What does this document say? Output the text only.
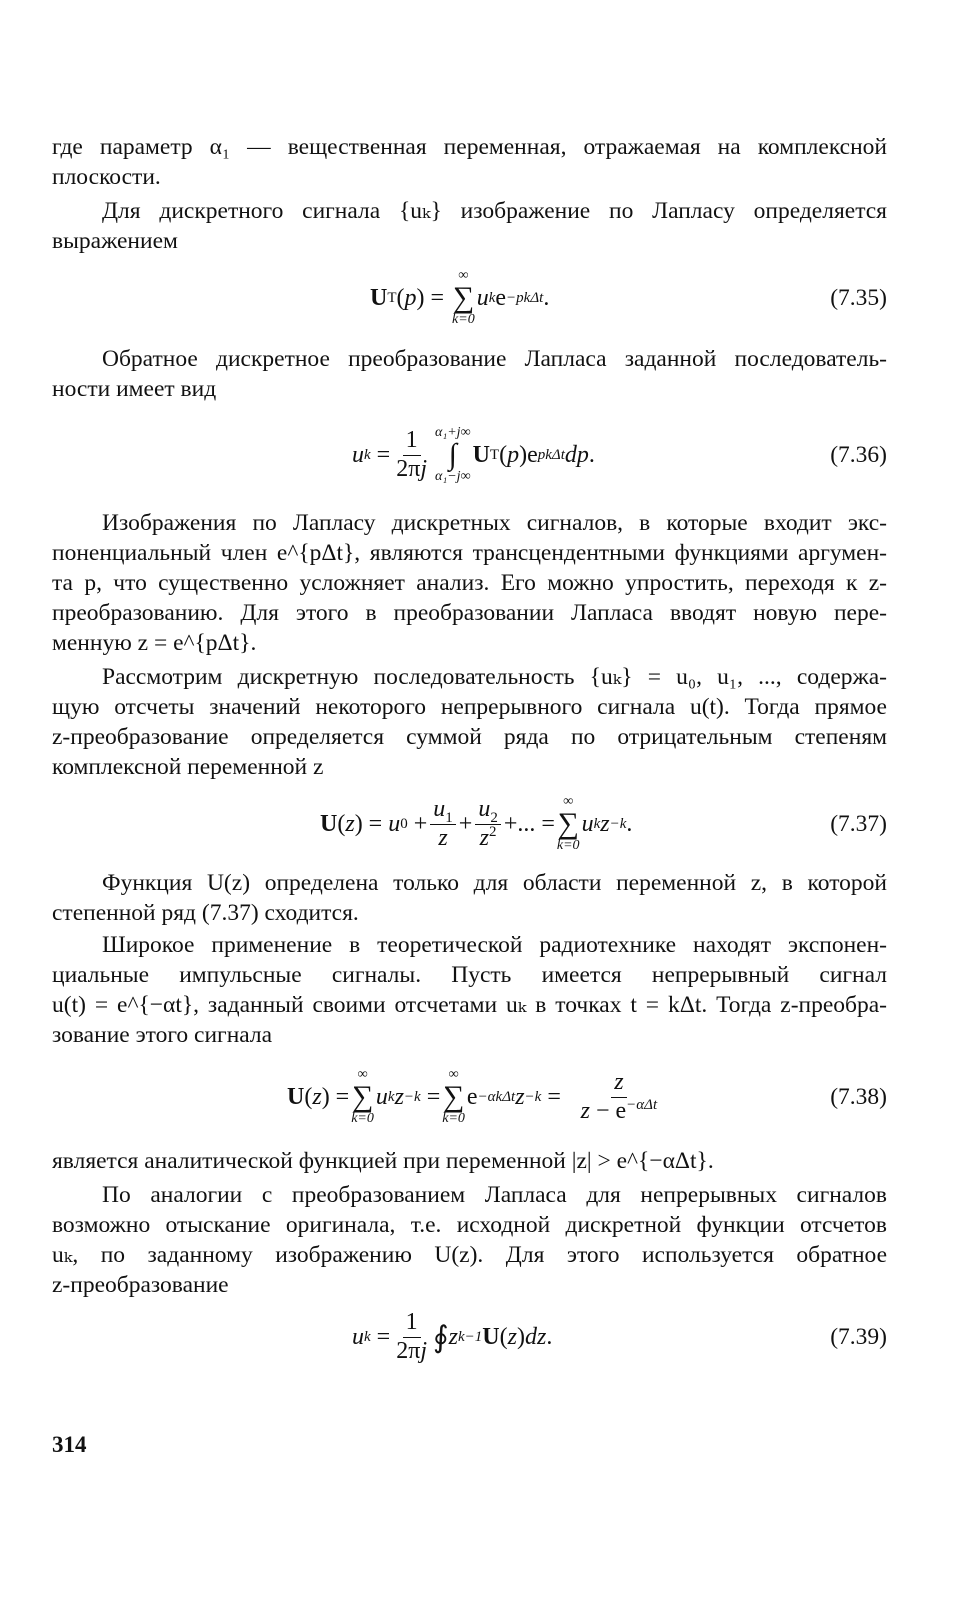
где параметр α₁ — вещественная переменная, отражаемая на комплексной
плоскости.
Для дискретного сигнала {uₖ} изображение по Лапласу определяется
выражением
U T ( p ) =
∞
∑
k=0
u k e −pkΔt .	(7.35)
Обратное дискретное преобразование Лапласа заданной последователь-
ности имеет вид
u $k = \frac{1}{2\pi j} \alpha_1+j\infty$
∫
α₁−j∞
U T ( p )e pkΔt dp .	(7.36)
Изображения по Лапласу дискретных сигналов, в которые входит экс-
поненциальный член e^{pΔt}, являются трансцендентными функциями аргумен-
та p, что существенно усложняет анализ. Его можно упростить, переходя к z-
преобразованию. Для этого в преобразовании Лапласа вводят новую пере-
менную z = e^{pΔt}.
Рассмотрим дискретную последовательность {uₖ} = u₀, u₁, ..., содержа-
щую отсчеты значений некоторого непрерывного сигнала u(t). Тогда прямое
z-преобразование определяется суммой ряда по отрицательным степеням
комплексной переменной z
U ( z ) = u $0 + \frac{u_1}{z} + \frac{u_2}{z^2}$ +... =
∞
∑
k=0
u k z −k .	(7.37)
Функция U(z) определена только для области переменной z, в которой
степенной ряд (7.37) сходится.
Широкое применение в теоретической радиотехнике находят экспонен-
циальные импульсные сигналы. Пусть имеется непрерывный сигнал
u(t) = e^{−αt}, заданный своими отсчетами uₖ в точках t = kΔt. Тогда z-преобра-
зование этого сигнала
U ( z ) =
∞
∑
k=0
u k z −k =
∞
∑
k=0
e −αkΔt $z -k = \frac{z}{z - e^{-\alpha\Delta t}}$	(7.38)
является аналитической функцией при переменной |z| > e^{−αΔt}.
По аналогии с преобразованием Лапласа для непрерывных сигналов
возможно отыскание оригинала, т.е. исходной дискретной функции отсчетов
uₖ, по заданному изображению U(z). Для этого используется обратное
z-преобразование
u $k = \frac{1}{2\pi j}$ ∮ z k−1 U ( z ) dz .	(7.39)
314
